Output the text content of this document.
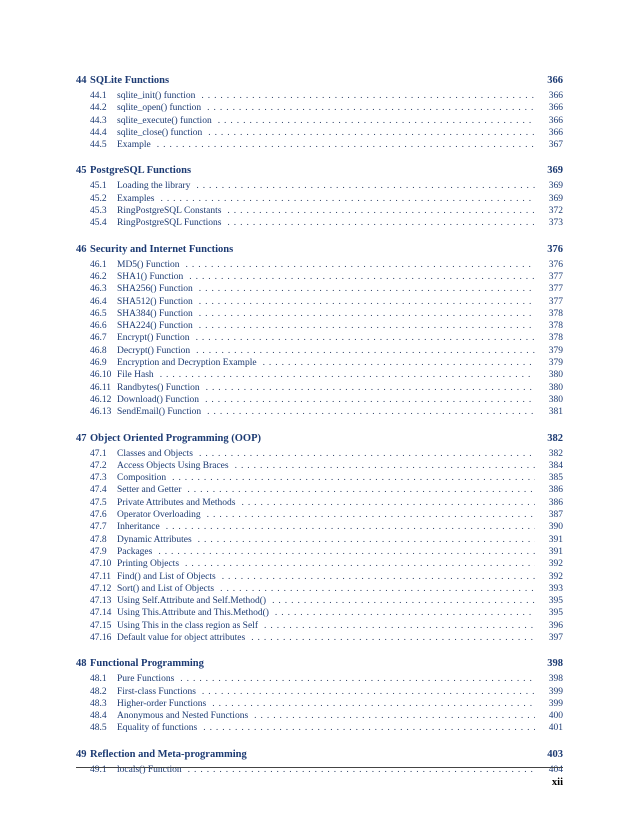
44 SQLite Functions	366
44.1	sqlite_init() function . . .	366
44.2	sqlite_open() function . . .	366
44.3	sqlite_execute() function . . .	366
44.4	sqlite_close() function . . .	366
44.5	Example . . .	367
45 PostgreSQL Functions	369
45.1	Loading the library . . .	369
45.2	Examples . . .	369
45.3	RingPostgreSQL Constants . . .	372
45.4	RingPostgreSQL Functions . . .	373
46 Security and Internet Functions	376
46.1	MD5() Function . . .	376
46.2	SHA1() Function . . .	377
46.3	SHA256() Function . . .	377
46.4	SHA512() Function . . .	377
46.5	SHA384() Function . . .	378
46.6	SHA224() Function . . .	378
46.7	Encrypt() Function . . .	378
46.8	Decrypt() Function . . .	379
46.9	Encryption and Decryption Example . . .	379
46.10 File Hash . . .	380
46.11 Randbytes() Function . . .	380
46.12 Download() Function . . .	380
46.13 SendEmail() Function . . .	381
47 Object Oriented Programming (OOP)	382
47.1	Classes and Objects . . .	382
47.2	Access Objects Using Braces . . .	384
47.3	Composition . . .	385
47.4	Setter and Getter . . .	386
47.5	Private Attributes and Methods . . .	386
47.6	Operator Overloading . . .	387
47.7	Inheritance . . .	390
47.8	Dynamic Attributes . . .	391
47.9	Packages . . .	391
47.10 Printing Objects . . .	392
47.11 Find() and List of Objects . . .	392
47.12 Sort() and List of Objects . . .	393
47.13 Using Self.Attribute and Self.Method() . . .	395
47.14 Using This.Attribute and This.Method() . . .	395
47.15 Using This in the class region as Self . . .	396
47.16 Default value for object attributes . . .	397
48 Functional Programming	398
48.1	Pure Functions . . .	398
48.2	First-class Functions . . .	399
48.3	Higher-order Functions . . .	399
48.4	Anonymous and Nested Functions . . .	400
48.5	Equality of functions . . .	401
49 Reflection and Meta-programming	403
49.1	locals() Function . . .	404
xii
